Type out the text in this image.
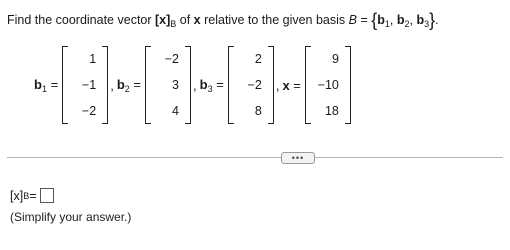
Find the coordinate vector $[x]_B$ of x relative to the given basis $B = \{b_1$, $b_2$, $b_3$}.
$b_1$ =
1
−1
−2
, $b_2$ =
−2
3
4
, $b_3$ =
2
−2
8
, x =
9
−10
18
•••
[x] B =
(Simplify your answer.)
